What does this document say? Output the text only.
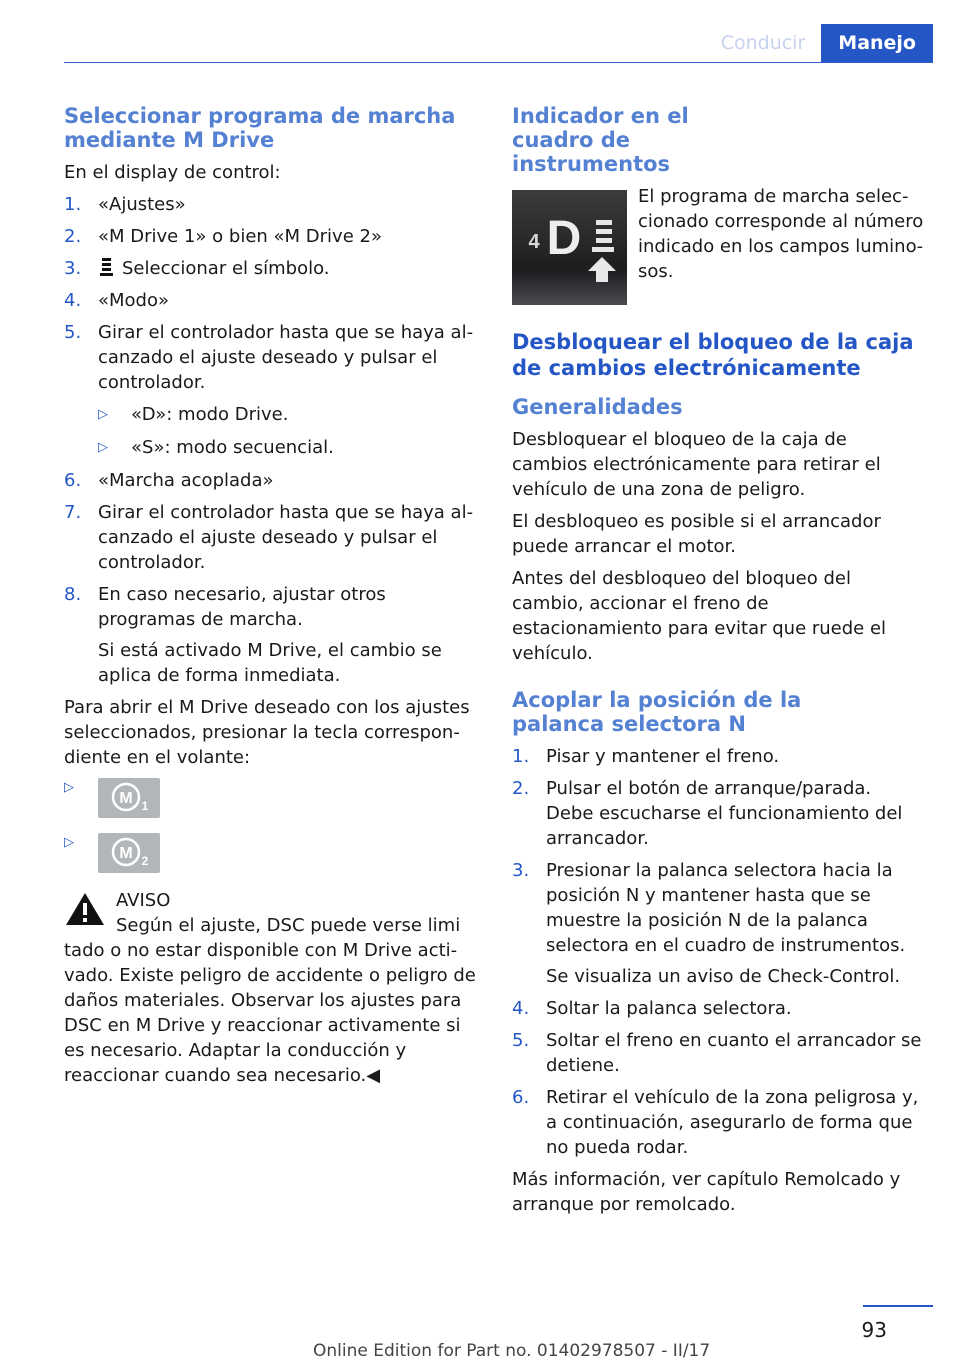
Conducir	Manejo
Seleccionar programa de marcha mediante M Drive

En el display de control:

1. «Ajustes»
2. «M Drive 1» o bien «M Drive 2»
3. Seleccionar el símbolo.
4. «Modo»
5. Girar el controlador hasta que se haya alcanzado el ajuste deseado y pulsar el controlador.
▷ «D»: modo Drive.
▷ «S»: modo secuencial.
6. «Marcha acoplada»
7. Girar el controlador hasta que se haya alcanzado el ajuste deseado y pulsar el controlador.
8. En caso necesario, ajustar otros programas de marcha.

Si está activado M Drive, el cambio se aplica de forma inmediata.

Para abrir el M Drive deseado con los ajustes seleccionados, presionar la tecla correspondiente en el volante:

▷
M 1
▷
M 2
AVISO
Según el ajuste, DSC puede verse limi

tado o no estar disponible con M Drive activado. Existe peligro de accidente o peligro de daños materiales. Observar los ajustes para DSC en M Drive y reaccionar activamente si es necesario. Adaptar la conducción y reaccionar cuando sea necesario.◀

Indicador en el cuadro de instrumentos
4 D

El programa de marcha seleccionado corresponde al número indicado en los campos luminosos.

Desbloquear el bloqueo de la caja de cambios electrónicamente
Generalidades

Desbloquear el bloqueo de la caja de cambios electrónicamente para retirar el vehículo de una zona de peligro.

El desbloqueo es posible si el arrancador puede arrancar el motor.

Antes del desbloqueo del bloqueo del cambio, accionar el freno de estacionamiento para evitar que ruede el vehículo.

Acoplar la posición de la palanca selectora N
1. Pisar y mantener el freno.
2. Pulsar el botón de arranque/parada. Debe escucharse el funcionamiento del arrancador.
3. Presionar la palanca selectora hacia la posición N y mantener hasta que se muestre la posición N de la palanca selectora en el cuadro de instrumentos.

Se visualiza un aviso de Check-Control.

4. Soltar la palanca selectora.
5. Soltar el freno en cuanto el arrancador se detiene.
6. Retirar el vehículo de la zona peligrosa y, a continuación, asegurarlo de forma que no pueda rodar.

Más información, ver capítulo Remolcado y arranque por remolcado.

93
Online Edition for Part no. 01402978507 - II/17
